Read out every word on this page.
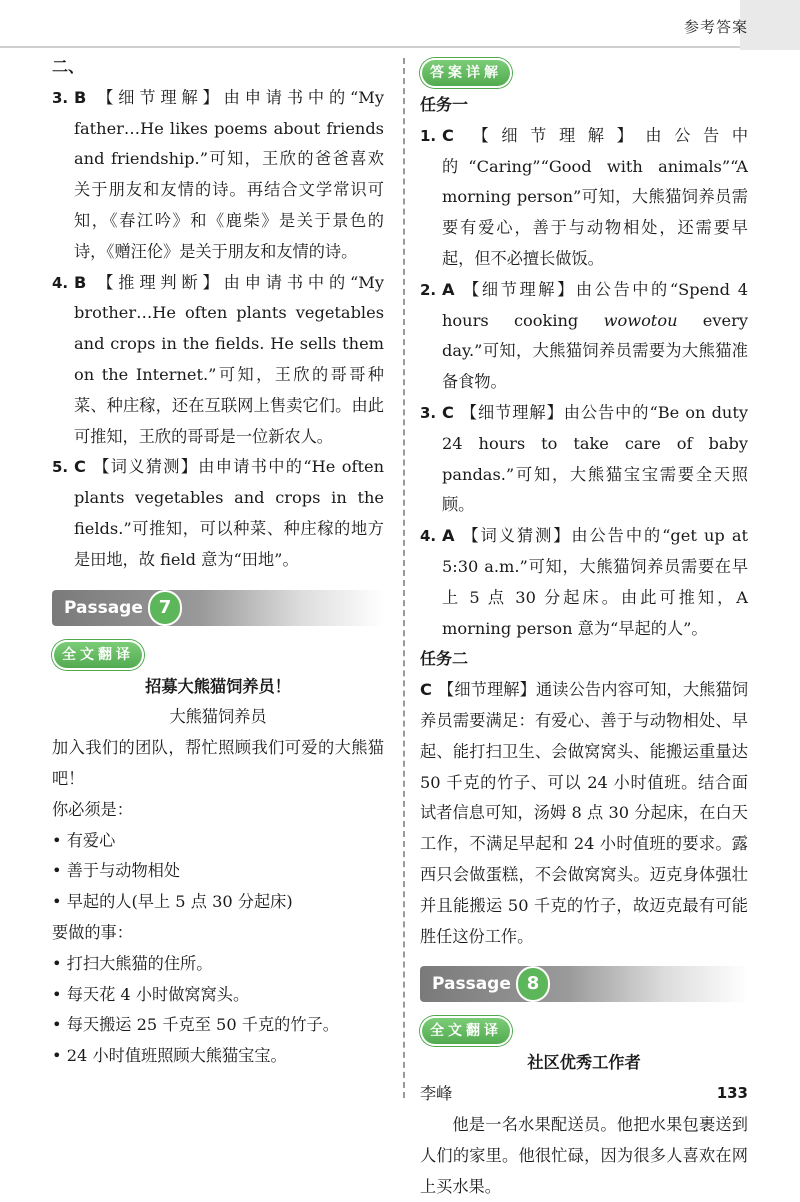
参考答案

二、

3. B 【细节理解】由申请书中的“My father…He likes poems about friends and friendship.”可知，王欣的爸爸喜欢关于朋友和友情的诗。再结合文学常识可知，《春江吟》和《鹿柴》是关于景色的诗，《赠汪伦》是关于朋友和友情的诗。

4. B 【推理判断】由申请书中的“My brother…He often plants vegetables and crops in the fields. He sells them on the Internet.”可知，王欣的哥哥种菜、种庄稼，还在互联网上售卖它们。由此可推知，王欣的哥哥是一位新农人。

5. C 【词义猜测】由申请书中的“He often plants vegetables and crops in the fields.”可推知，可以种菜、种庄稼的地方是田地，故 field 意为“田地”。

Passage 7
全文翻译

招募大熊猫饲养员！

大熊猫饲养员

加入我们的团队，帮忙照顾我们可爱的大熊猫吧！

你必须是：

• 有爱心

• 善于与动物相处

• 早起的人(早上 5 点 30 分起床)

要做的事：

• 打扫大熊猫的住所。

• 每天花 4 小时做窝窝头。

• 每天搬运 25 千克至 50 千克的竹子。

• 24 小时值班照顾大熊猫宝宝。

答案详解

任务一

1. C 【细节理解】由公告中的“Caring”“Good with animals”“A morning person”可知，大熊猫饲养员需要有爱心，善于与动物相处，还需要早起，但不必擅长做饭。

2. A 【细节理解】由公告中的“Spend 4 hours cooking wowotou every day.”可知，大熊猫饲养员需要为大熊猫准备食物。

3. C 【细节理解】由公告中的“Be on duty 24 hours to take care of baby pandas.”可知，大熊猫宝宝需要全天照顾。

4. A 【词义猜测】由公告中的“get up at 5:30 a.m.”可知，大熊猫饲养员需要在早上 5 点 30 分起床。由此可推知，A morning person 意为“早起的人”。

任务二

C 【细节理解】通读公告内容可知，大熊猫饲养员需要满足：有爱心、善于与动物相处、早起、能打扫卫生、会做窝窝头、能搬运重量达 50 千克的竹子、可以 24 小时值班。结合面试者信息可知，汤姆 8 点 30 分起床，在白天工作，不满足早起和 24 小时值班的要求。露西只会做蛋糕，不会做窝窝头。迈克身体强壮并且能搬运 50 千克的竹子，故迈克最有可能胜任这份工作。

Passage 8
全文翻译

社区优秀工作者

李峰

他是一名水果配送员。他把水果包裹送到人们的家里。他很忙碌，因为很多人喜欢在网上买水果。

133
